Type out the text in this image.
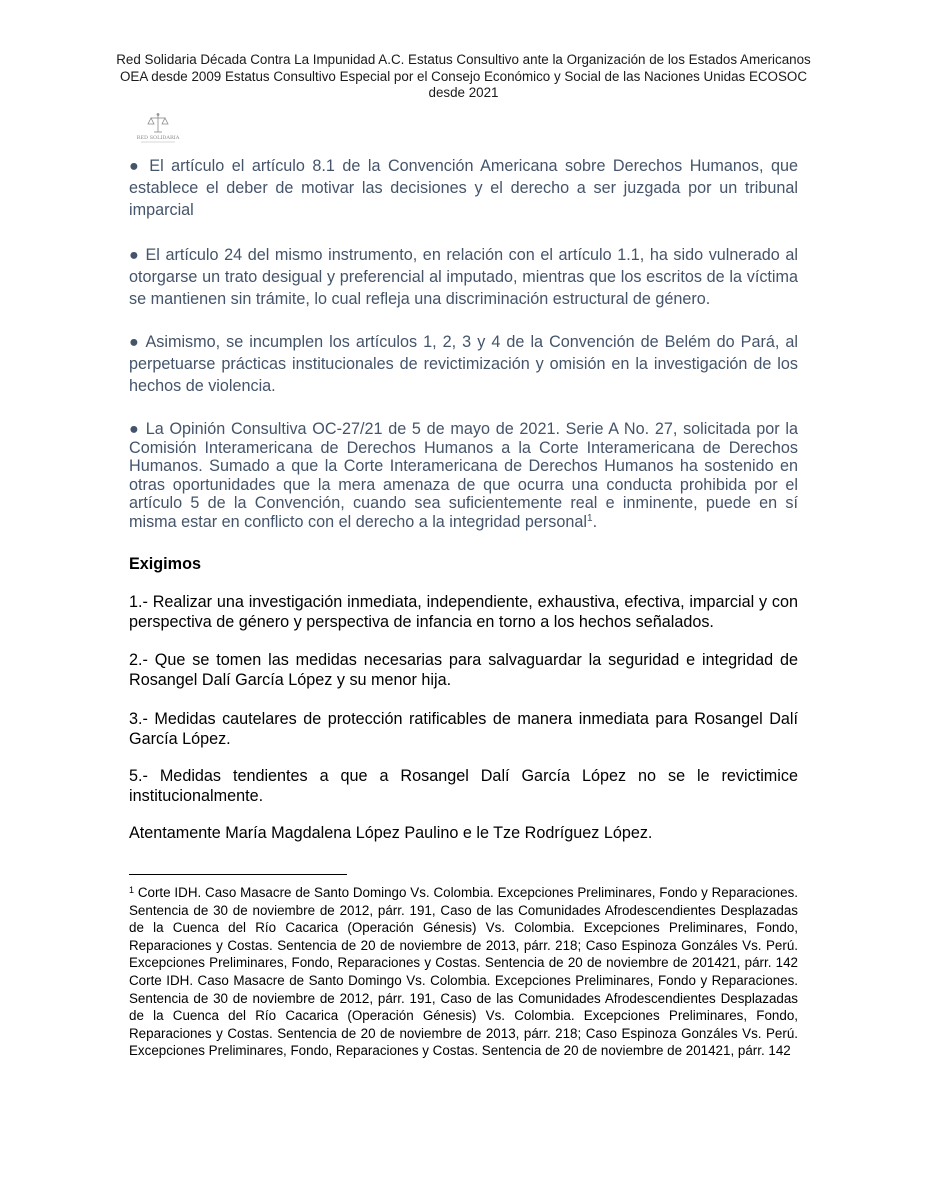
Red Solidaria Década Contra La Impunidad A.C. Estatus Consultivo ante la Organización de los Estados Americanos OEA desde 2009 Estatus Consultivo Especial por el Consejo Económico y Social de las Naciones Unidas ECOSOC desde 2021
RED SOLIDARIA

● El artículo el artículo 8.1 de la Convención Americana sobre Derechos Humanos, que establece el deber de motivar las decisiones y el derecho a ser juzgada por un tribunal imparcial

● El artículo 24 del mismo instrumento, en relación con el artículo 1.1, ha sido vulnerado al otorgarse un trato desigual y preferencial al imputado, mientras que los escritos de la víctima se mantienen sin trámite, lo cual refleja una discriminación estructural de género.

● Asimismo, se incumplen los artículos 1, 2, 3 y 4 de la Convención de Belém do Pará, al perpetuarse prácticas institucionales de revictimización y omisión en la investigación de los hechos de violencia.

● La Opinión Consultiva OC-27/21 de 5 de mayo de 2021. Serie A No. 27, solicitada por la Comisión Interamericana de Derechos Humanos a la Corte Interamericana de Derechos Humanos. Sumado a que la Corte Interamericana de Derechos Humanos ha sostenido en otras oportunidades que la mera amenaza de que ocurra una conducta prohibida por el artículo 5 de la Convención, cuando sea suficientemente real e inminente, puede en sí misma estar en conflicto con el derecho a la integridad personal$^1$.

Exigimos

1.- Realizar una investigación inmediata, independiente, exhaustiva, efectiva, imparcial y con perspectiva de género y perspectiva de infancia en torno a los hechos señalados.

2.- Que se tomen las medidas necesarias para salvaguardar la seguridad e integridad de Rosangel Dalí García López y su menor hija.

3.- Medidas cautelares de protección ratificables de manera inmediata para Rosangel Dalí García López.

5.- Medidas tendientes a que a Rosangel Dalí García López no se le revictimice institucionalmente.

Atentamente María Magdalena López Paulino e le Tze Rodríguez López.

$^1$ Corte IDH. Caso Masacre de Santo Domingo Vs. Colombia. Excepciones Preliminares, Fondo y Reparaciones. Sentencia de 30 de noviembre de 2012, párr. 191, Caso de las Comunidades Afrodescendientes Desplazadas de la Cuenca del Río Cacarica (Operación Génesis) Vs. Colombia. Excepciones Preliminares, Fondo, Reparaciones y Costas. Sentencia de 20 de noviembre de 2013, párr. 218; Caso Espinoza Gonzáles Vs. Perú. Excepciones Preliminares, Fondo, Reparaciones y Costas. Sentencia de 20 de noviembre de 201421, párr. 142 Corte IDH. Caso Masacre de Santo Domingo Vs. Colombia. Excepciones Preliminares, Fondo y Reparaciones. Sentencia de 30 de noviembre de 2012, párr. 191, Caso de las Comunidades Afrodescendientes Desplazadas de la Cuenca del Río Cacarica (Operación Génesis) Vs. Colombia. Excepciones Preliminares, Fondo, Reparaciones y Costas. Sentencia de 20 de noviembre de 2013, párr. 218; Caso Espinoza Gonzáles Vs. Perú. Excepciones Preliminares, Fondo, Reparaciones y Costas. Sentencia de 20 de noviembre de 201421, párr. 142
